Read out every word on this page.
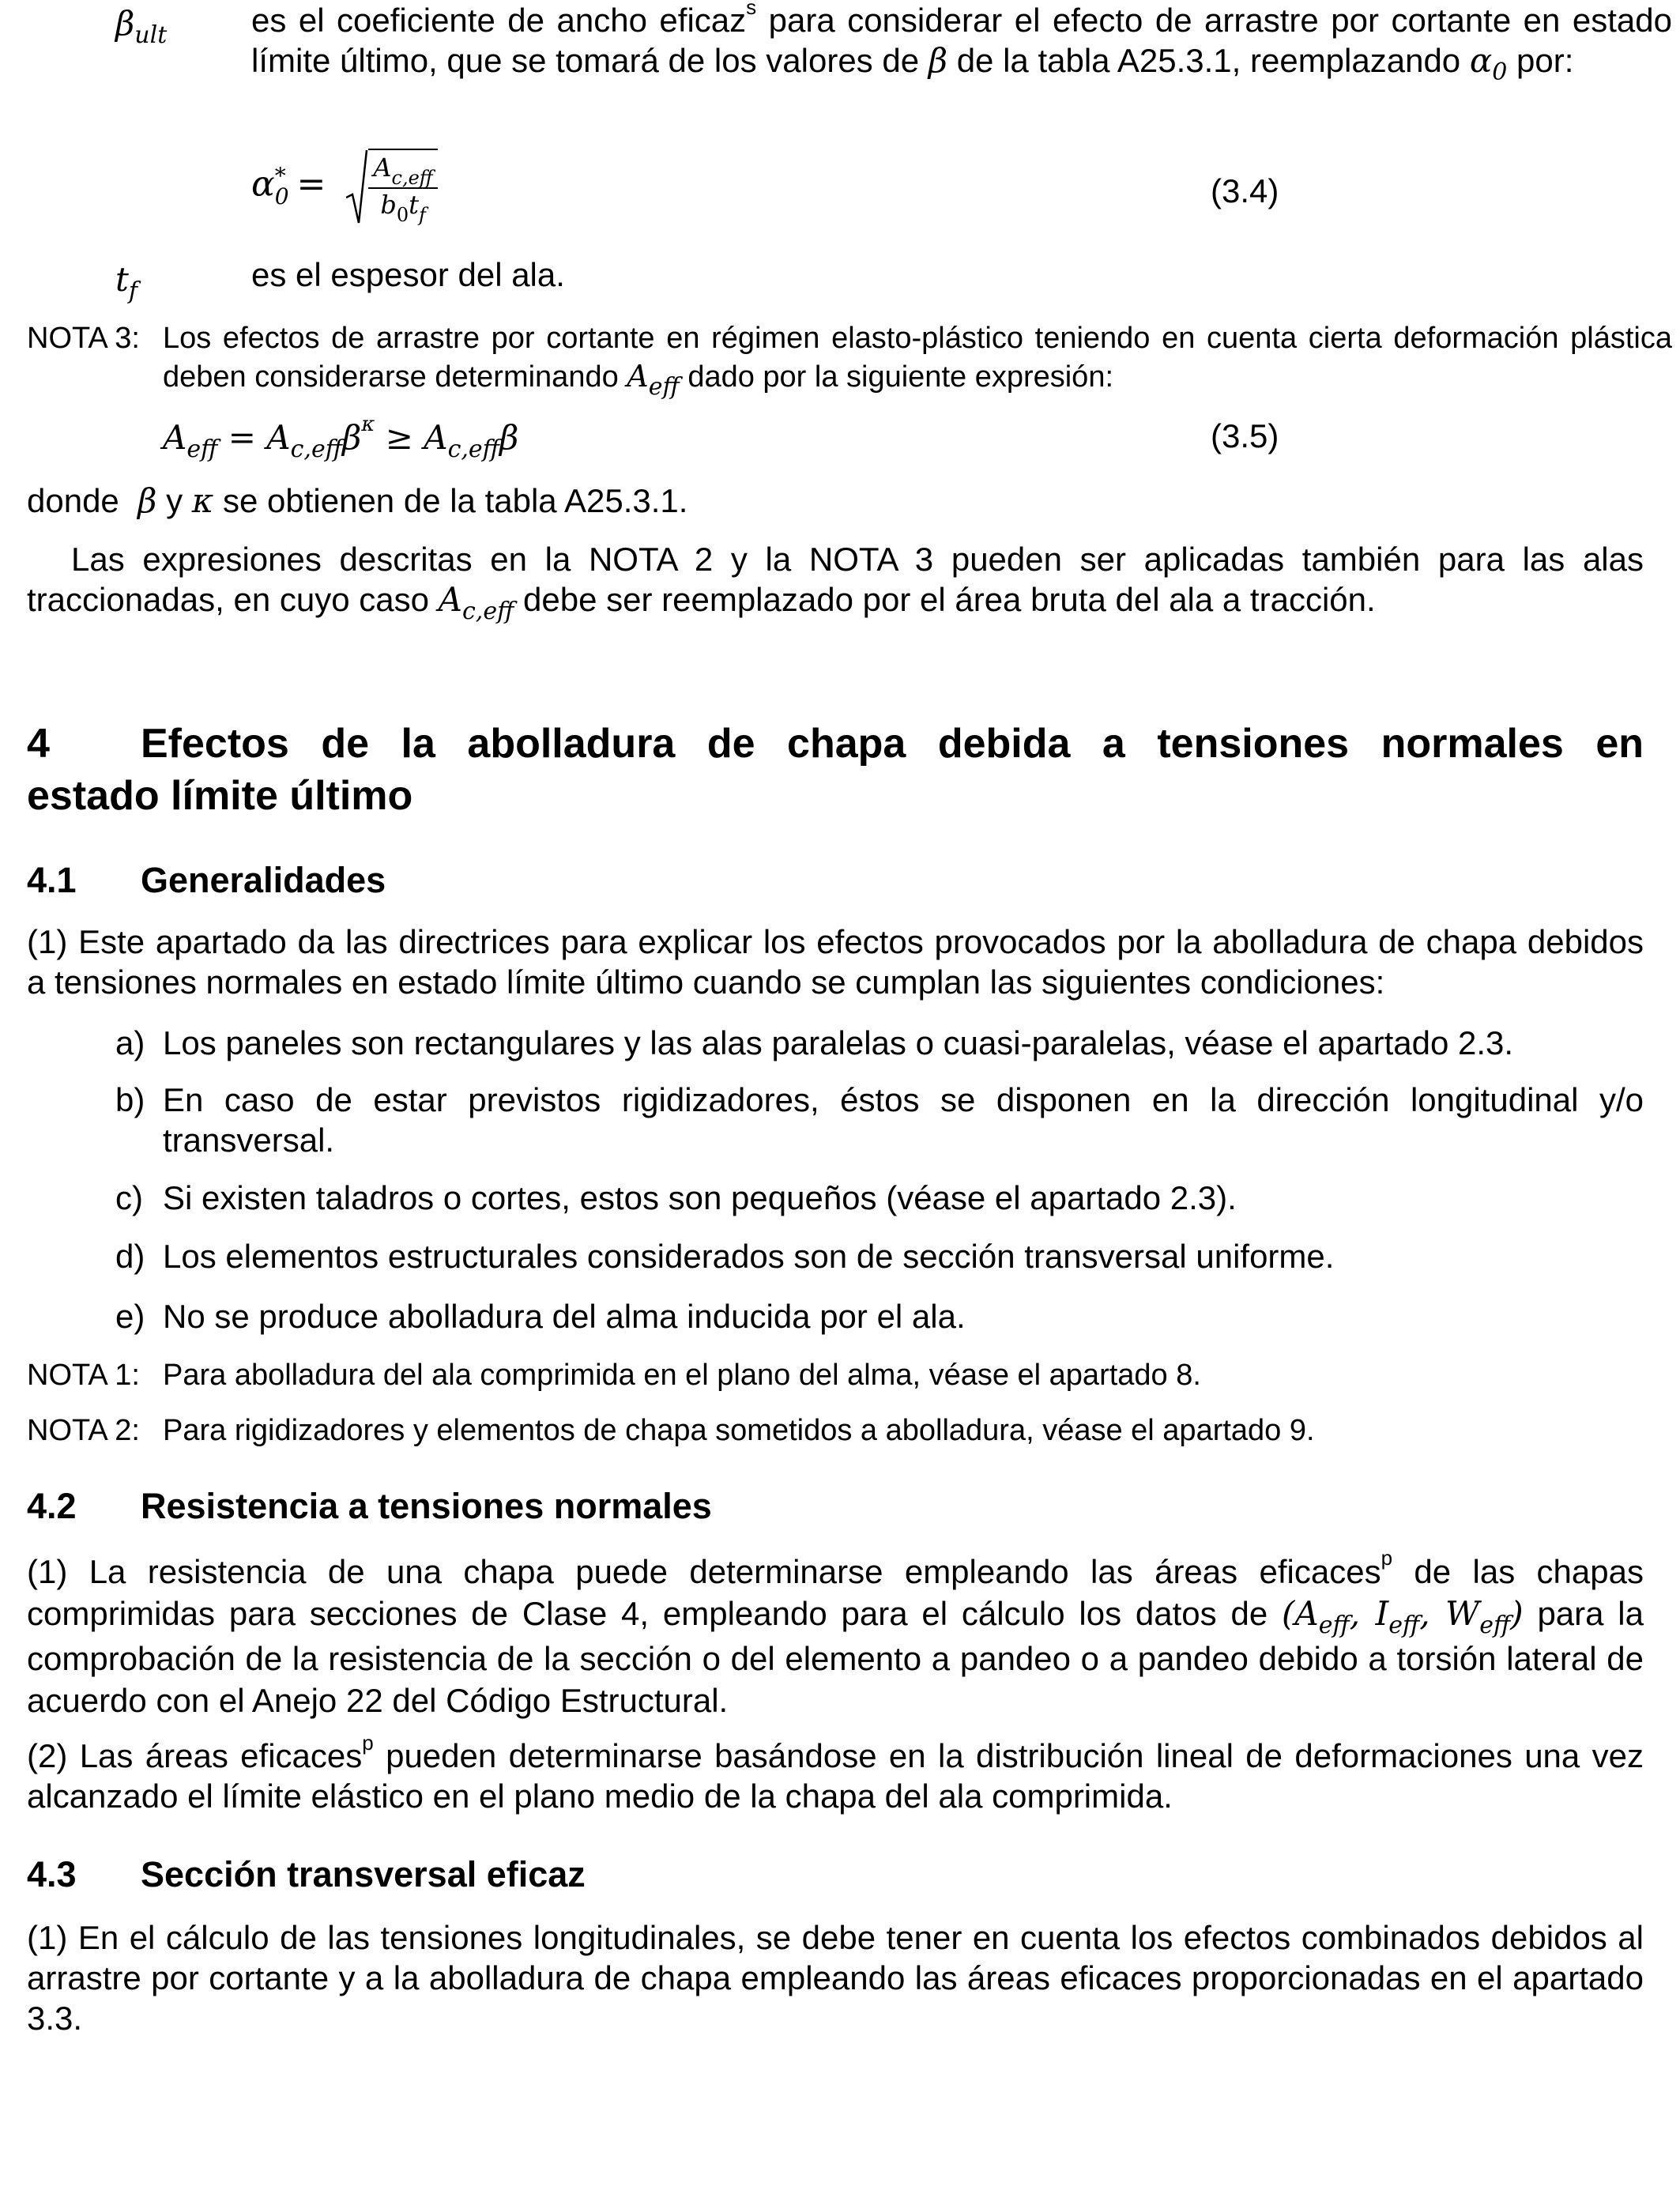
$\beta_{ult}$	es el coeficiente de ancho eficaz$^s$ para considerar el efecto de arrastre por cortante en estado límite último, que se tomará de los valores de β de la tabla A25.3.1, reemplazando $\alpha_0$ por:
α *
$0 = \frac{A_{c,eff}}{b_0t_f}$	(3.4)
$t_f$	es el espesor del ala.
NOTA 3: Los efectos de arrastre por cortante en régimen elasto-plástico teniendo en cuenta cierta deformación plástica deben considerarse determinando $A_{eff}$ dado por la siguiente expresión:
$A_{eff} = A_{c,eff}\beta^\kappa \ge A_{c,eff}\beta$	(3.5)
donde β y κ se obtienen de la tabla A25.3.1.
Las expresiones descritas en la NOTA 2 y la NOTA 3 pueden ser aplicadas también para las alas traccionadas, en cuyo caso $A_{c,eff}$ debe ser reemplazado por el área bruta del ala a tracción.
4 Efectos de la abolladura de chapa debida a tensiones normales en
estado límite último
4.1 Generalidades
(1) Este apartado da las directrices para explicar los efectos provocados por la abolladura de chapa debidos a tensiones normales en estado límite último cuando se cumplan las siguientes condiciones:
a) Los paneles son rectangulares y las alas paralelas o cuasi-paralelas, véase el apartado 2.3.
b) En caso de estar previstos rigidizadores, éstos se disponen en la dirección longitudinal y/o transversal.
c) Si existen taladros o cortes, estos son pequeños (véase el apartado 2.3).
d) Los elementos estructurales considerados son de sección transversal uniforme.
e) No se produce abolladura del alma inducida por el ala.
NOTA 1: Para abolladura del ala comprimida en el plano del alma, véase el apartado 8.
NOTA 2: Para rigidizadores y elementos de chapa sometidos a abolladura, véase el apartado 9.
4.2 Resistencia a tensiones normales
(1) La resistencia de una chapa puede determinarse empleando las áreas eficaces$^p$ de las chapas comprimidas para secciones de Clase 4, empleando para el cálculo los datos de ($A_{eff}$, $I_{eff}$, $W_{eff}$) para la comprobación de la resistencia de la sección o del elemento a pandeo o a pandeo debido a torsión lateral de acuerdo con el Anejo 22 del Código Estructural.
(2) Las áreas eficaces$^p$ pueden determinarse basándose en la distribución lineal de deformaciones una vez alcanzado el límite elástico en el plano medio de la chapa del ala comprimida.
4.3 Sección transversal eficaz
(1) En el cálculo de las tensiones longitudinales, se debe tener en cuenta los efectos combinados debidos al arrastre por cortante y a la abolladura de chapa empleando las áreas eficaces proporcionadas en el apartado 3.3.
